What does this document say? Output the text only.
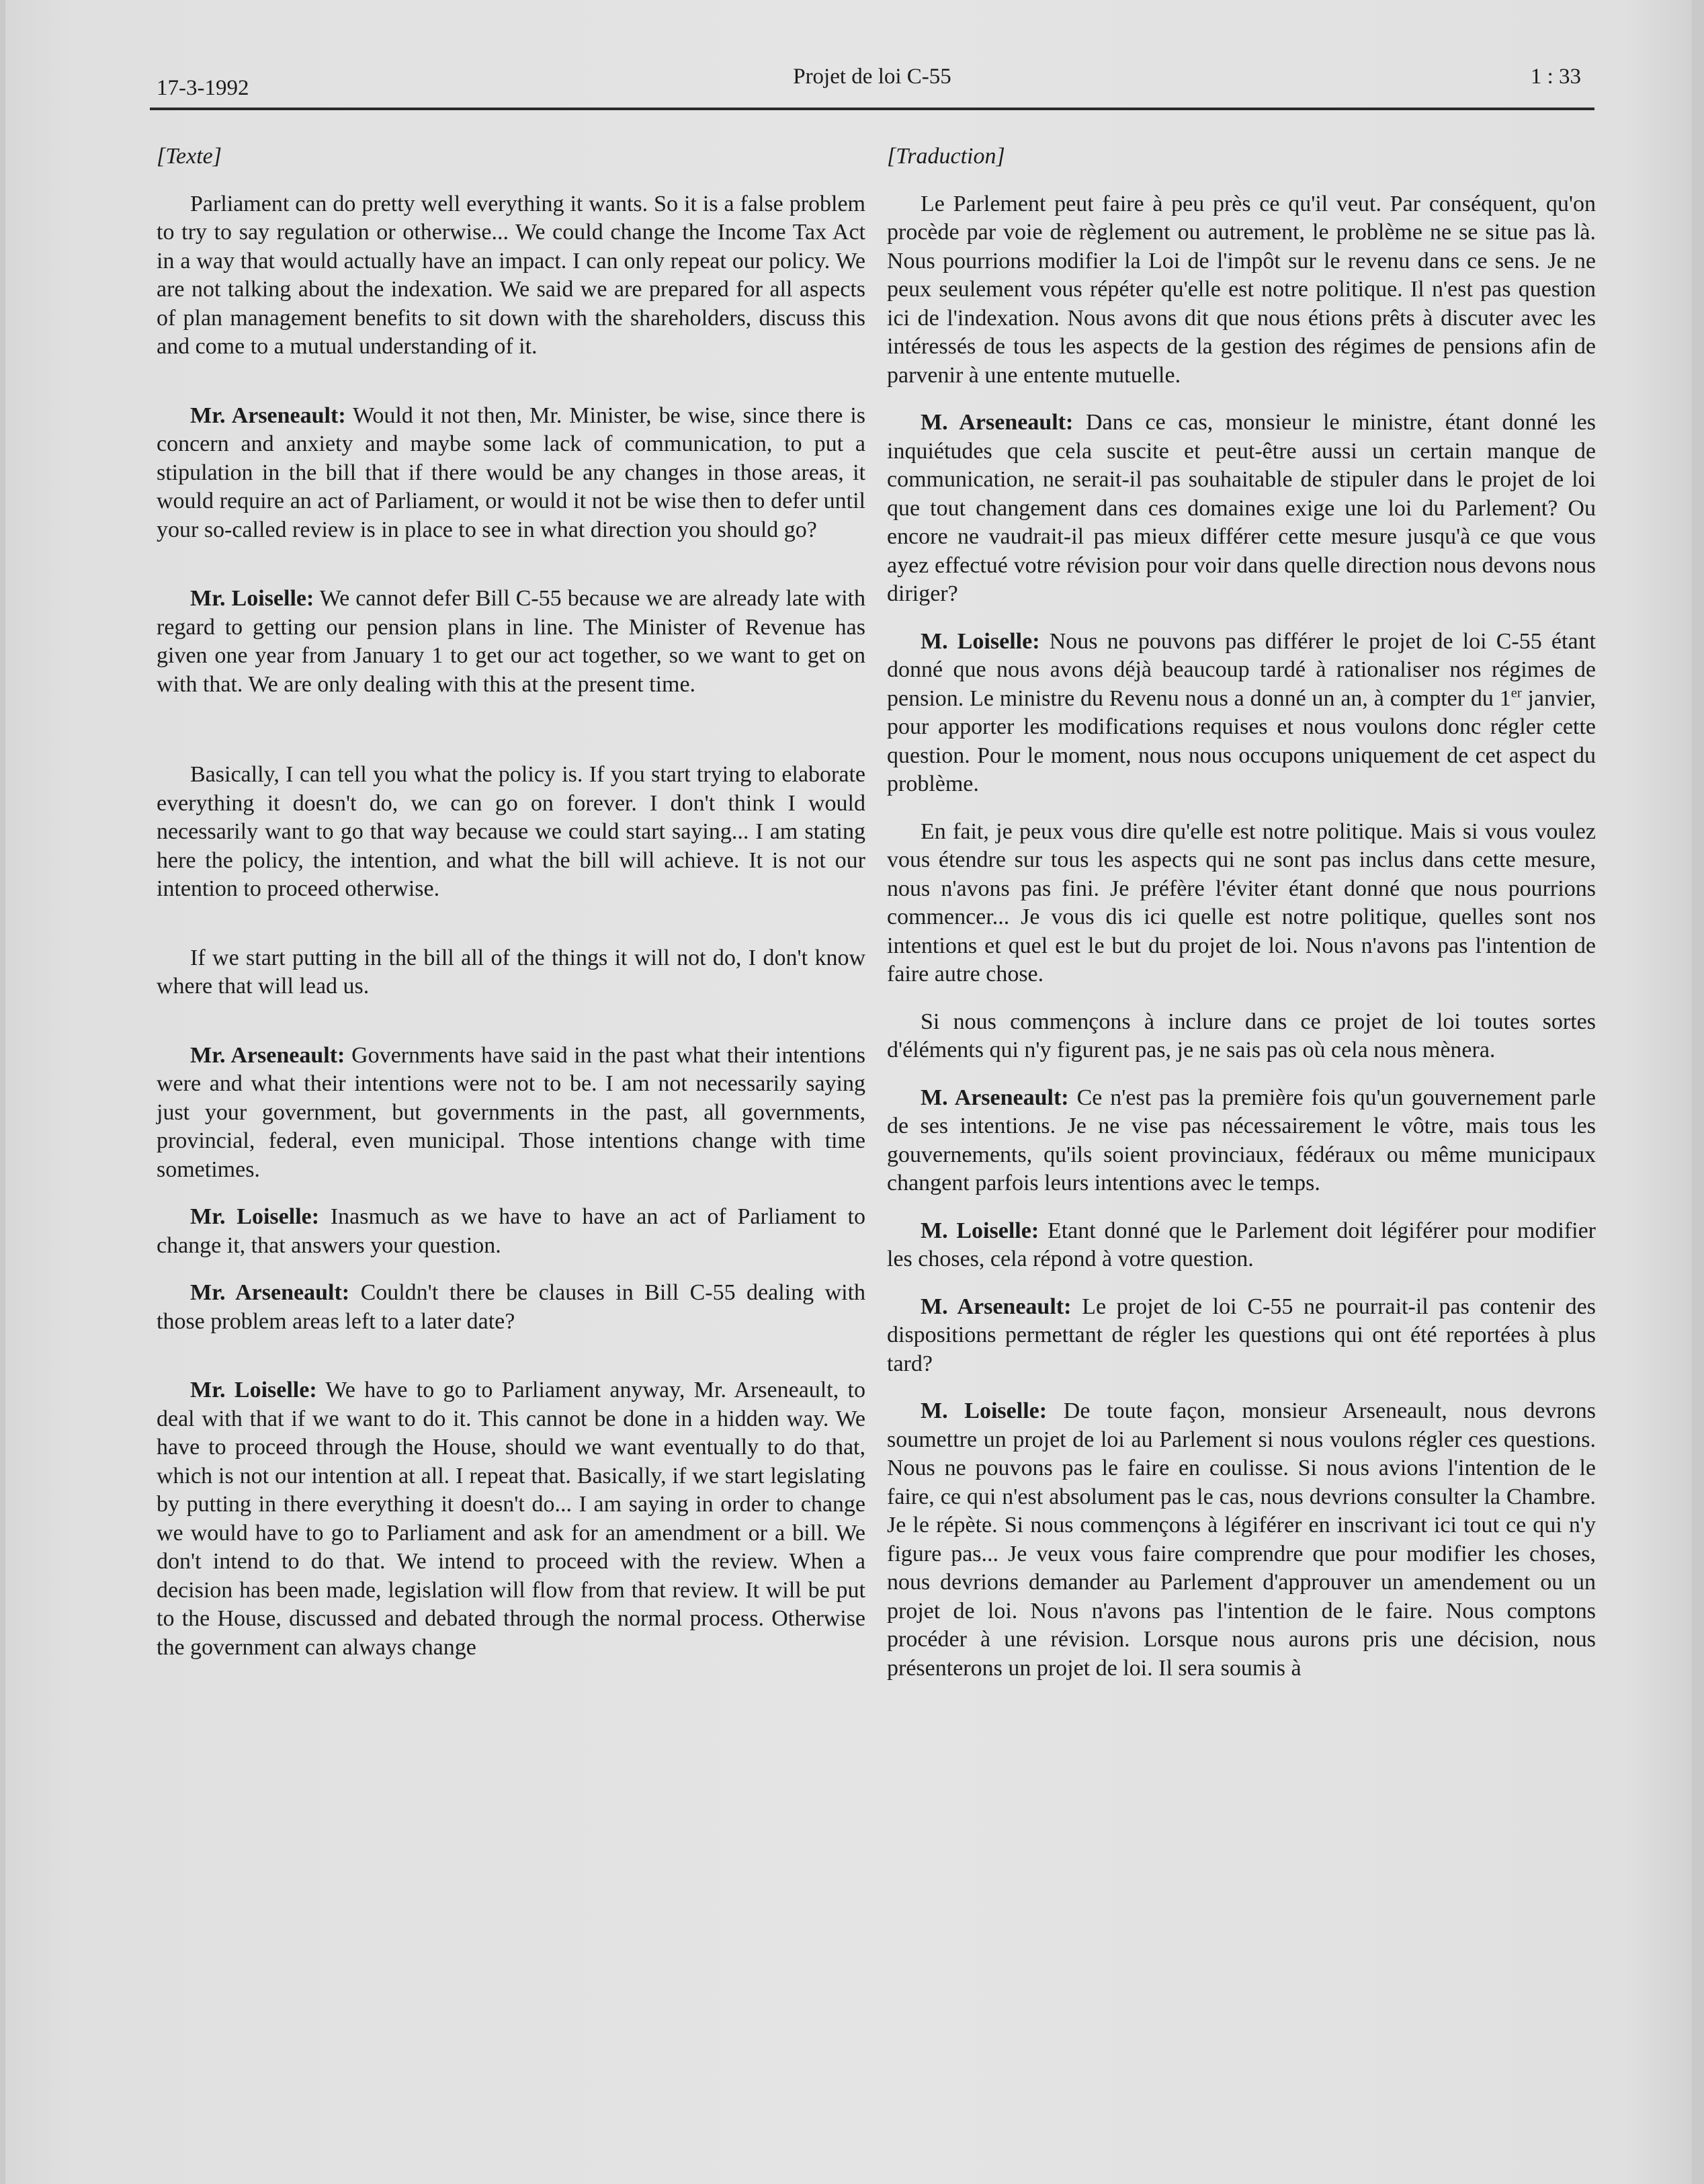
17-3-1992	Projet de loi C-55	1 : 33
[Texte]

Parliament can do pretty well everything it wants. So it is a false problem to try to say regulation or otherwise... We could change the Income Tax Act in a way that would actually have an impact. I can only repeat our policy. We are not talking about the indexation. We said we are prepared for all aspects of plan management benefits to sit down with the shareholders, discuss this and come to a mutual understanding of it.

Mr. Arseneault: Would it not then, Mr. Minister, be wise, since there is concern and anxiety and maybe some lack of communication, to put a stipulation in the bill that if there would be any changes in those areas, it would require an act of Parliament, or would it not be wise then to defer until your so-called review is in place to see in what direction you should go?

Mr. Loiselle: We cannot defer Bill C-55 because we are already late with regard to getting our pension plans in line. The Minister of Revenue has given one year from January 1 to get our act together, so we want to get on with that. We are only dealing with this at the present time.

Basically, I can tell you what the policy is. If you start trying to elaborate everything it doesn't do, we can go on forever. I don't think I would necessarily want to go that way because we could start saying... I am stating here the policy, the intention, and what the bill will achieve. It is not our intention to proceed otherwise.

If we start putting in the bill all of the things it will not do, I don't know where that will lead us.

Mr. Arseneault: Governments have said in the past what their intentions were and what their intentions were not to be. I am not necessarily saying just your government, but governments in the past, all governments, provincial, federal, even municipal. Those intentions change with time sometimes.

Mr. Loiselle: Inasmuch as we have to have an act of Parliament to change it, that answers your question.

Mr. Arseneault: Couldn't there be clauses in Bill C-55 dealing with those problem areas left to a later date?

Mr. Loiselle: We have to go to Parliament anyway, Mr. Arseneault, to deal with that if we want to do it. This cannot be done in a hidden way. We have to proceed through the House, should we want eventually to do that, which is not our intention at all. I repeat that. Basically, if we start legislating by putting in there everything it doesn't do... I am saying in order to change we would have to go to Parliament and ask for an amendment or a bill. We don't intend to do that. We intend to proceed with the review. When a decision has been made, legislation will flow from that review. It will be put to the House, discussed and debated through the normal process. Otherwise the government can always change

[Traduction]

Le Parlement peut faire à peu près ce qu'il veut. Par conséquent, qu'on procède par voie de règlement ou autrement, le problème ne se situe pas là. Nous pourrions modifier la Loi de l'impôt sur le revenu dans ce sens. Je ne peux seulement vous répéter qu'elle est notre politique. Il n'est pas question ici de l'indexation. Nous avons dit que nous étions prêts à discuter avec les intéressés de tous les aspects de la gestion des régimes de pensions afin de parvenir à une entente mutuelle.

M. Arseneault: Dans ce cas, monsieur le ministre, étant donné les inquiétudes que cela suscite et peut-être aussi un certain manque de communication, ne serait-il pas souhaitable de stipuler dans le projet de loi que tout changement dans ces domaines exige une loi du Parlement? Ou encore ne vaudrait-il pas mieux différer cette mesure jusqu'à ce que vous ayez effectué votre révision pour voir dans quelle direction nous devons nous diriger?

M. Loiselle: Nous ne pouvons pas différer le projet de loi C-55 étant donné que nous avons déjà beaucoup tardé à rationaliser nos régimes de pension. Le ministre du Revenu nous a donné un an, à compter du 1er janvier, pour apporter les modifications requises et nous voulons donc régler cette question. Pour le moment, nous nous occupons uniquement de cet aspect du problème.

En fait, je peux vous dire qu'elle est notre politique. Mais si vous voulez vous étendre sur tous les aspects qui ne sont pas inclus dans cette mesure, nous n'avons pas fini. Je préfère l'éviter étant donné que nous pourrions commencer... Je vous dis ici quelle est notre politique, quelles sont nos intentions et quel est le but du projet de loi. Nous n'avons pas l'intention de faire autre chose.

Si nous commençons à inclure dans ce projet de loi toutes sortes d'éléments qui n'y figurent pas, je ne sais pas où cela nous mènera.

M. Arseneault: Ce n'est pas la première fois qu'un gouvernement parle de ses intentions. Je ne vise pas nécessairement le vôtre, mais tous les gouvernements, qu'ils soient provinciaux, fédéraux ou même municipaux changent parfois leurs intentions avec le temps.

M. Loiselle: Etant donné que le Parlement doit légiférer pour modifier les choses, cela répond à votre question.

M. Arseneault: Le projet de loi C-55 ne pourrait-il pas contenir des dispositions permettant de régler les questions qui ont été reportées à plus tard?

M. Loiselle: De toute façon, monsieur Arseneault, nous devrons soumettre un projet de loi au Parlement si nous voulons régler ces questions. Nous ne pouvons pas le faire en coulisse. Si nous avions l'intention de le faire, ce qui n'est absolument pas le cas, nous devrions consulter la Chambre. Je le répète. Si nous commençons à légiférer en inscrivant ici tout ce qui n'y figure pas... Je veux vous faire comprendre que pour modifier les choses, nous devrions demander au Parlement d'approuver un amendement ou un projet de loi. Nous n'avons pas l'intention de le faire. Nous comptons procéder à une révision. Lorsque nous aurons pris une décision, nous présenterons un projet de loi. Il sera soumis à
